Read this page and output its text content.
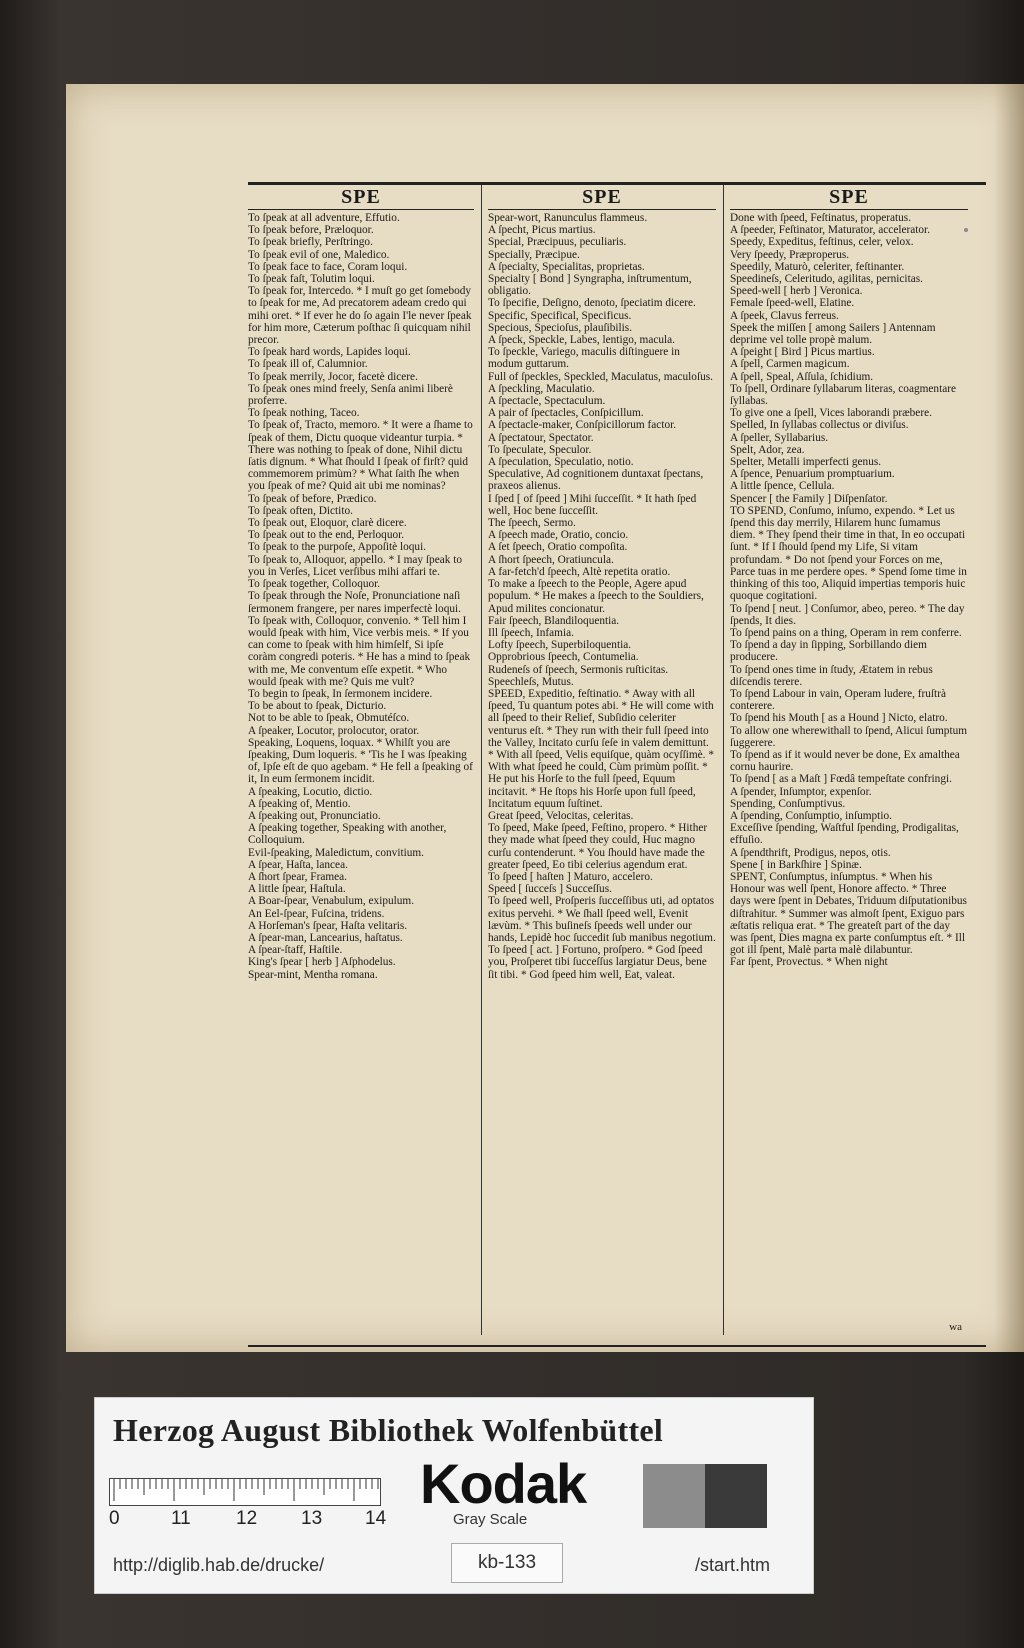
SPE

To ſpeak at all adventure, Effutio.

To ſpeak before, Præloquor.

To ſpeak briefly, Perſtringo.

To ſpeak evil of one, Maledico.

To ſpeak face to face, Coram loqui.

To ſpeak faſt, Tolutim loqui.

To ſpeak for, Intercedo. * I muſt go get ſomebody to ſpeak for me, Ad precatorem adeam credo qui mihi oret. * If ever he do ſo again I'le never ſpeak for him more, Cæterum poſthac ſi quicquam nihil precor.

To ſpeak hard words, Lapides loqui.

To ſpeak ill of, Calumnior.

To ſpeak merrily, Jocor, facetè dicere.

To ſpeak ones mind freely, Senſa animi liberè proferre.

To ſpeak nothing, Taceo.

To ſpeak of, Tracto, memoro. * It were a ſhame to ſpeak of them, Dictu quoque videantur turpia. * There was nothing to ſpeak of done, Nihil dictu ſatis dignum. * What ſhould I ſpeak of firſt? quid commemorem primùm? * What ſaith ſhe when you ſpeak of me? Quid ait ubi me nominas?

To ſpeak of before, Prædico.

To ſpeak often, Dictito.

To ſpeak out, Eloquor, clarè dicere.

To ſpeak out to the end, Perloquor.

To ſpeak to the purpoſe, Appoſitè loqui.

To ſpeak to, Alloquor, appello. * I may ſpeak to you in Verſes, Licet verſibus mihi affari te.

To ſpeak together, Colloquor.

To ſpeak through the Noſe, Pronunciatione naſi ſermonem frangere, per nares imperfectè loqui.

To ſpeak with, Colloquor, convenio. * Tell him I would ſpeak with him, Vice verbis meis. * If you can come to ſpeak with him himſelf, Si ipſe coràm congredi poteris. * He has a mind to ſpeak with me, Me conventum eſſe expetit. * Who would ſpeak with me? Quis me vult?

To begin to ſpeak, In ſermonem incidere.

To be about to ſpeak, Dicturio.

Not to be able to ſpeak, Obmutéſco.

A ſpeaker, Locutor, prolocutor, orator.

Speaking, Loquens, loquax. * Whilſt you are ſpeaking, Dum loqueris. * 'Tis he I was ſpeaking of, Ipſe eſt de quo agebam. * He fell a ſpeaking of it, In eum ſermonem incidit.

A ſpeaking, Locutio, dictio.

A ſpeaking of, Mentio.

A ſpeaking out, Pronunciatio.

A ſpeaking together, Speaking with another, Colloquium.

Evil-ſpeaking, Maledictum, convitium.

A ſpear, Haſta, lancea.

A ſhort ſpear, Framea.

A little ſpear, Haſtula.

A Boar-ſpear, Venabulum, exipulum.

An Eel-ſpear, Fuſcina, tridens.

A Horſeman's ſpear, Haſta velitaris.

A ſpear-man, Lancearius, haſtatus.

A ſpear-ſtaff, Haſtile.

King's ſpear [ herb ] Aſphodelus.

Spear-mint, Mentha romana.

SPE

Spear-wort, Ranunculus flammeus.

A ſpecht, Picus martius.

Special, Præcipuus, peculiaris.

Specially, Præcipue.

A ſpecialty, Specialitas, proprietas.

Specialty [ Bond ] Syngrapha, inſtrumentum, obligatio.

To ſpecifie, Deſigno, denoto, ſpeciatim dicere.

Specific, Specifical, Specificus.

Specious, Specioſus, plauſibilis.

A ſpeck, Speckle, Labes, lentigo, macula.

To ſpeckle, Variego, maculis diſtinguere in modum guttarum.

Full of ſpeckles, Speckled, Maculatus, maculoſus.

A ſpeckling, Maculatio.

A ſpectacle, Spectaculum.

A pair of ſpectacles, Conſpicillum.

A ſpectacle-maker, Conſpicillorum factor.

A ſpectatour, Spectator.

To ſpeculate, Speculor.

A ſpeculation, Speculatio, notio.

Speculative, Ad cognitionem duntaxat ſpectans, praxeos alienus.

I ſped [ of ſpeed ] Mihi ſucceſſit. * It hath ſped well, Hoc bene ſucceſſit.

The ſpeech, Sermo.

A ſpeech made, Oratio, concio.

A ſet ſpeech, Oratio compoſita.

A ſhort ſpeech, Oratiuncula.

A far-fetch'd ſpeech, Altè repetita oratio.

To make a ſpeech to the People, Agere apud populum. * He makes a ſpeech to the Souldiers, Apud milites concionatur.

Fair ſpeech, Blandiloquentia.

Ill ſpeech, Infamia.

Lofty ſpeech, Superbiloquentia.

Opprobrious ſpeech, Contumelia.

Rudeneſs of ſpeech, Sermonis ruſticitas.

Speechleſs, Mutus.

SPEED, Expeditio, feſtinatio. * Away with all ſpeed, Tu quantum potes abi. * He will come with all ſpeed to their Relief, Subſidio celeriter venturus eſt. * They run with their full ſpeed into the Valley, Incitato curſu ſeſe in valem demittunt. * With all ſpeed, Velis equiſque, quàm ocyſſimè. * With what ſpeed he could, Cùm primùm poſſit. * He put his Horſe to the full ſpeed, Equum incitavit. * He ſtops his Horſe upon full ſpeed, Incitatum equum ſuſtinet.

Great ſpeed, Velocitas, celeritas.

To ſpeed, Make ſpeed, Feſtino, propero. * Hither they made what ſpeed they could, Huc magno curſu contenderunt. * You ſhould have made the greater ſpeed, Eo tibi celerius agendum erat.

To ſpeed [ haſten ] Maturo, accelero.

Speed [ ſucceſs ] Succeſſus.

To ſpeed well, Proſperis ſucceſſibus uti, ad optatos exitus pervehi. * We ſhall ſpeed well, Evenit lævùm. * This buſineſs ſpeeds well under our hands, Lepidè hoc ſuccedit ſub manibus negotium.

To ſpeed [ act. ] Fortuno, proſpero. * God ſpeed you, Proſperet tibi ſucceſſus largiatur Deus, bene ſit tibi. * God ſpeed him well, Eat, valeat.

SPE

Done with ſpeed, Feſtinatus, properatus.

A ſpeeder, Feſtinator, Maturator, accelerator.

Speedy, Expeditus, feſtinus, celer, velox.

Very ſpeedy, Præproperus.

Speedily, Maturò, celeriter, feſtinanter.

Speedineſs, Celeritudo, agilitas, pernicitas.

Speed-well [ herb ] Veronica.

Female ſpeed-well, Elatine.

A ſpeek, Clavus ferreus.

Speek the miſſen [ among Sailers ] Antennam deprime vel tolle propè malum.

A ſpeight [ Bird ] Picus martius.

A ſpell, Carmen magicum.

A ſpell, Speal, Aſſula, ſchidium.

To ſpell, Ordinare ſyllabarum literas, coagmentare ſyllabas.

To give one a ſpell, Vices laborandi præbere.

Spelled, In ſyllabas collectus or diviſus.

A ſpeller, Syllabarius.

Spelt, Ador, zea.

Spelter, Metalli imperfecti genus.

A ſpence, Penuarium promptuarium.

A little ſpence, Cellula.

Spencer [ the Family ] Diſpenſator.

TO SPEND, Conſumo, inſumo, expendo. * Let us ſpend this day merrily, Hilarem hunc ſumamus diem. * They ſpend their time in that, In eo occupati ſunt. * If I ſhould ſpend my Life, Si vitam profundam. * Do not ſpend your Forces on me, Parce tuas in me perdere opes. * Spend ſome time in thinking of this too, Aliquid impertias temporis huic quoque cogitationi.

To ſpend [ neut. ] Conſumor, abeo, pereo. * The day ſpends, It dies.

To ſpend pains on a thing, Operam in rem conferre.

To ſpend a day in ſipping, Sorbillando diem producere.

To ſpend ones time in ſtudy, Ætatem in rebus diſcendis terere.

To ſpend Labour in vain, Operam ludere, fruſtrà conterere.

To ſpend his Mouth [ as a Hound ] Nicto, elatro.

To allow one wherewithall to ſpend, Alicui ſumptum ſuggerere.

To ſpend as if it would never be done, Ex amalthea cornu haurire.

To ſpend [ as a Maſt ] Fœdâ tempeſtate confringi.

A ſpender, Inſumptor, expenſor.

Spending, Conſumptivus.

A ſpending, Conſumptio, inſumptio.

Exceſſive ſpending, Waſtful ſpending, Prodigalitas, effuſio.

A ſpendthrift, Prodigus, nepos, otis.

Spene [ in Barkſhire ] Spinæ.

SPENT, Conſumptus, inſumptus. * When his Honour was well ſpent, Honore affecto. * Three days were ſpent in Debates, Triduum diſputationibus diſtrahitur. * Summer was almoſt ſpent, Exiguo pars æſtatis reliqua erat. * The greateſt part of the day was ſpent, Dies magna ex parte conſumptus eſt. * Ill got ill ſpent, Malè parta malè dilabuntur.

Far ſpent, Provectus. * When night

wa
Herzog August Bibliothek Wolfenbüttel
0	11 12 13 14
Kodak
Gray Scale
http://diglib.hab.de/drucke/	kb-133	/start.htm
